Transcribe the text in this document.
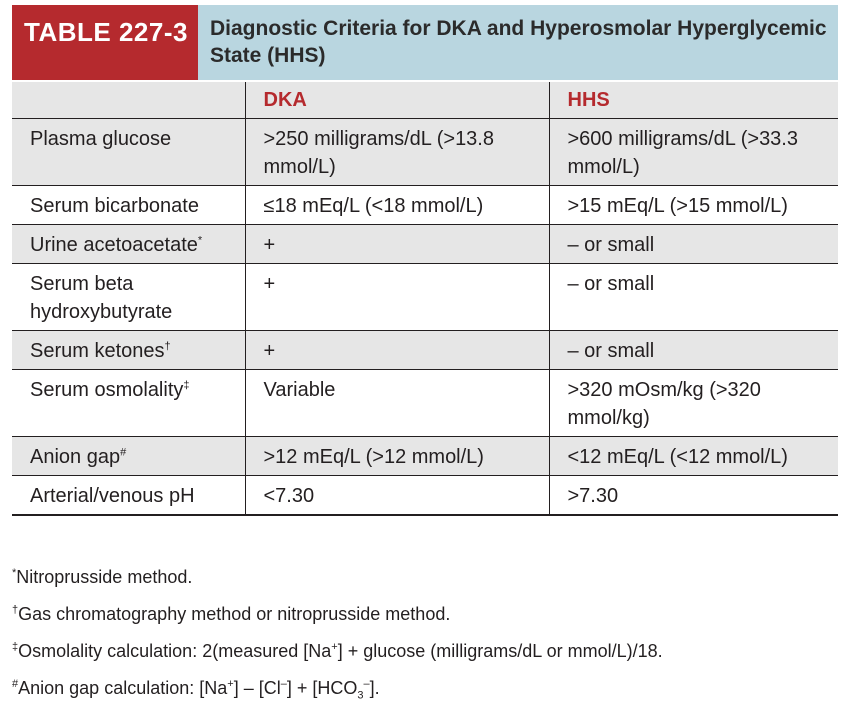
TABLE 227-3 Diagnostic Criteria for DKA and Hyperosmolar Hyperglycemic State (HHS)
	DKA	HHS
Plasma glucose	>250 milligrams/dL (>13.8 mmol/L)	>600 milligrams/dL (>33.3 mmol/L)
Serum bicarbonate	≤18 mEq/L (<18 mmol/L)	>15 mEq/L (>15 mmol/L)
Urine acetoacetate*	+	– or small
Serum beta hydroxybutyrate	+	– or small
Serum ketones†	+	– or small
Serum osmolality‡	Variable	>320 mOsm/kg (>320 mmol/kg)
Anion gap#	>12 mEq/L (>12 mmol/L)	<12 mEq/L (<12 mmol/L)
Arterial/venous pH	<7.30	>7.30
*Nitroprusside method.
†Gas chromatography method or nitroprusside method.
‡Osmolality calculation: 2(measured [Na+] + glucose (milligrams/dL or mmol/L)/18.
#Anion gap calculation: $[Na^+] - [Cl^-] + [HCO_3^-]$.
